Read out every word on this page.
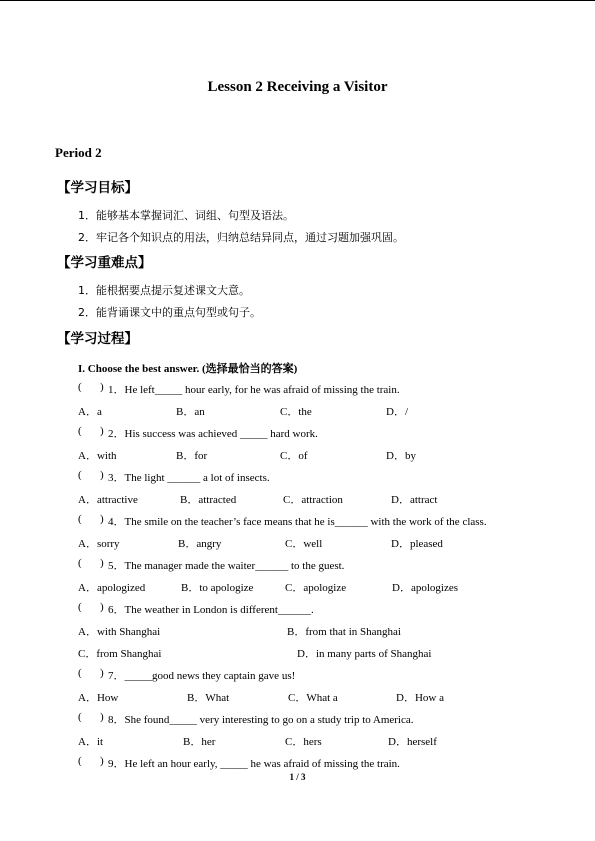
Lesson 2 Receiving a Visitor
Period 2
【学习目标】
1．能够基本掌握词汇、词组、句型及语法。
2．牢记各个知识点的用法，归纳总结异同点，通过习题加强巩固。
【学习重难点】
1．能根据要点提示复述课文大意。
2．能背诵课文中的重点句型或句子。
【学习过程】
I. Choose the best answer. (选择最恰当的答案)
( ) 1．He left_____ hour early, for he was afraid of missing the train.
A．a	B．an	C．the	D．/
( ) 2．His success was achieved _____ hard work.
A．with	B．for	C．of	D．by
( ) 3．The light ______ a lot of insects.
A．attractive	B．attracted	C．attraction	D．attract
( ) 4．The smile on the teacher’s face means that he is______ with the work of the class.
A．sorry	B．angry	C．well	D．pleased
( ) 5．The manager made the waiter______ to the guest.
A．apologized	B．to apologize	C．apologize	D．apologizes
( ) 6．The weather in London is different______.
A．with Shanghai	B．from that in Shanghai
C．from Shanghai	D．in many parts of Shanghai
( ) 7．_____good news they captain gave us!
A．How	B．What	C．What a	D．How a
( ) 8．She found_____ very interesting to go on a study trip to America.
A．it	B．her	C．hers	D．herself
( ) 9．He left an hour early, _____ he was afraid of missing the train.
1 / 3
